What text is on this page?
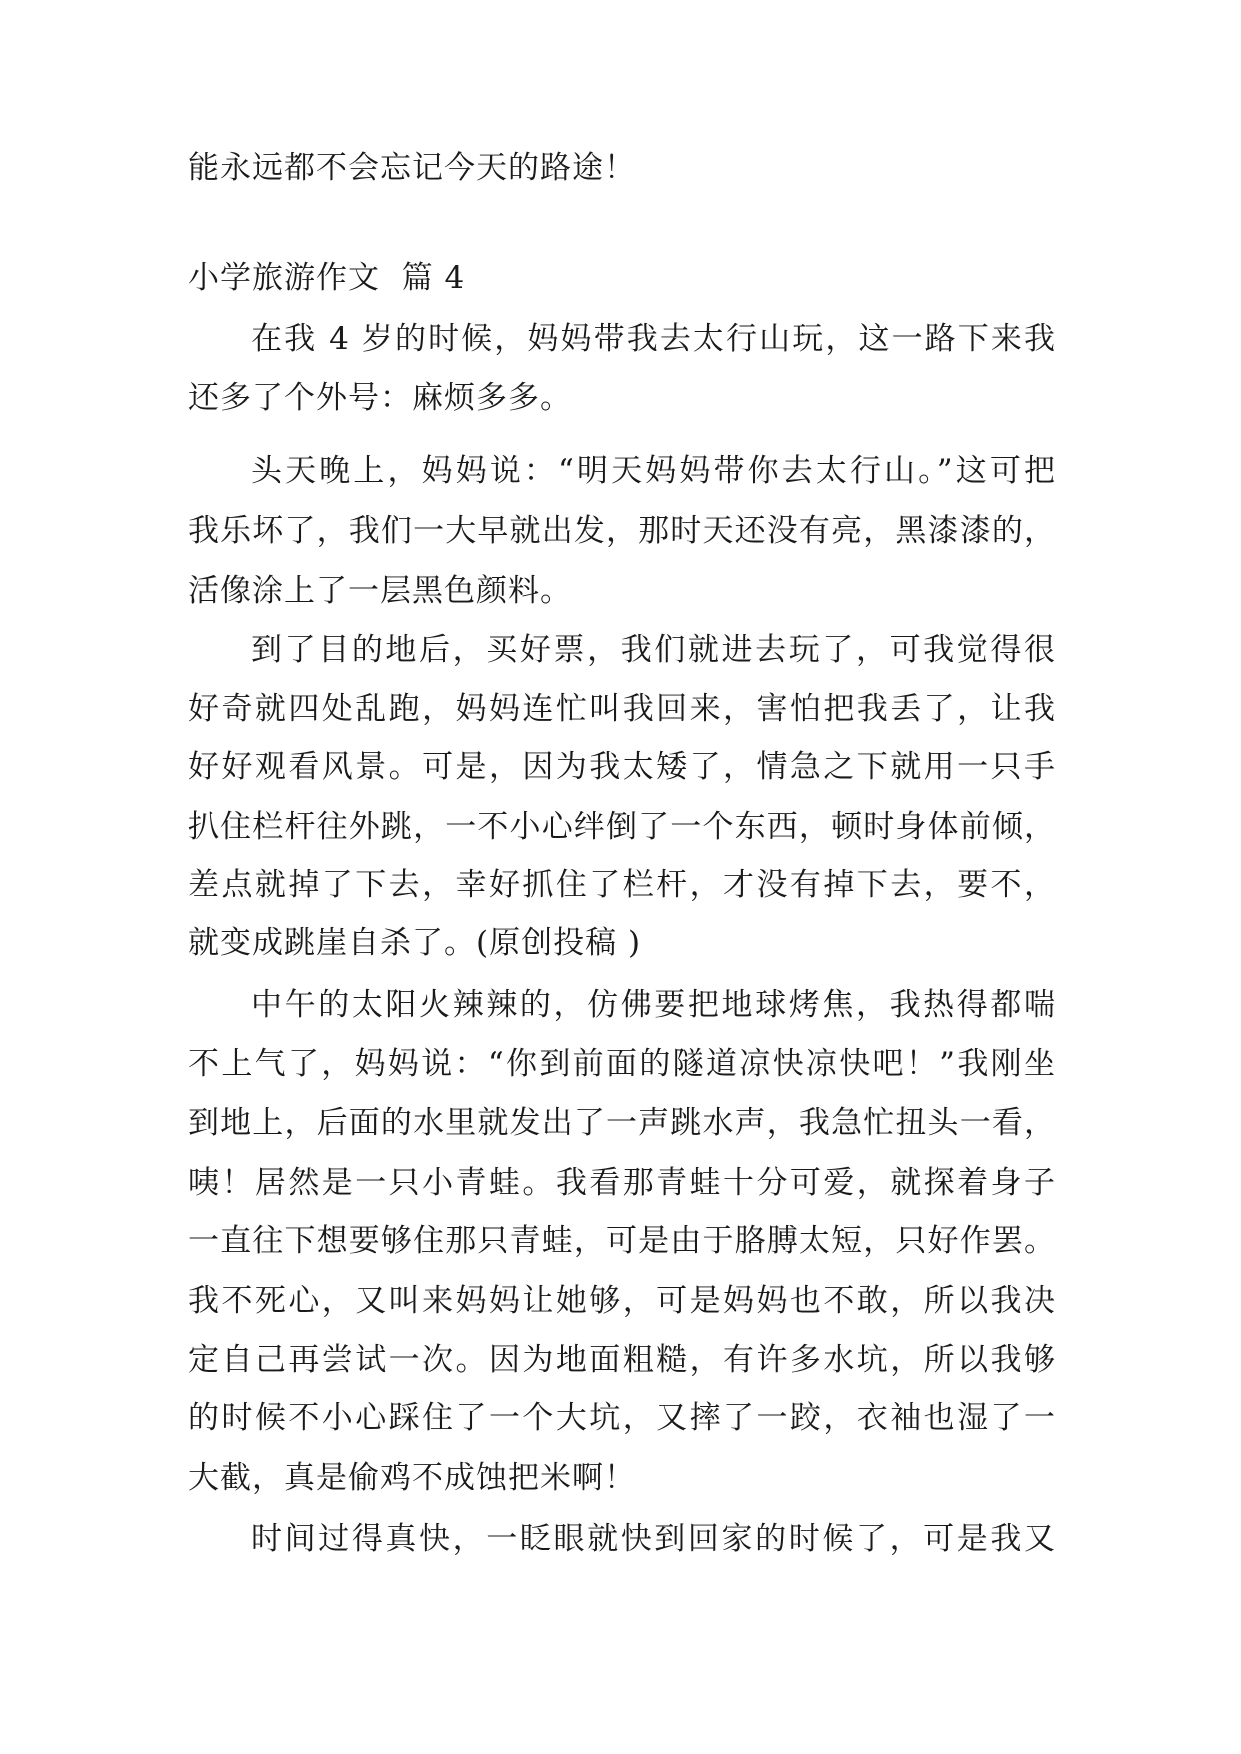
能永远都不会忘记今天的路途！

小学旅游作文  篇 4

在我 4 岁的时候，妈妈带我去太行山玩，这一路下来我

还多了个外号：麻烦多多。

头天晚上，妈妈说：“明天妈妈带你去太行山。”这可把

我乐坏了，我们一大早就出发，那时天还没有亮，黑漆漆的，

活像涂上了一层黑色颜料。

到了目的地后，买好票，我们就进去玩了，可我觉得很

好奇就四处乱跑，妈妈连忙叫我回来，害怕把我丢了，让我

好好观看风景。可是，因为我太矮了，情急之下就用一只手

扒住栏杆往外跳，一不小心绊倒了一个东西，顿时身体前倾，

差点就掉了下去，幸好抓住了栏杆，才没有掉下去，要不，

就变成跳崖自杀了。(原创投稿 )

中午的太阳火辣辣的，仿佛要把地球烤焦，我热得都喘

不上气了，妈妈说：“你到前面的隧道凉快凉快吧！”我刚坐

到地上，后面的水里就发出了一声跳水声，我急忙扭头一看，

咦！居然是一只小青蛙。我看那青蛙十分可爱，就探着身子

一直往下想要够住那只青蛙，可是由于胳膊太短，只好作罢。

我不死心，又叫来妈妈让她够，可是妈妈也不敢，所以我决

定自己再尝试一次。因为地面粗糙，有许多水坑，所以我够

的时候不小心踩住了一个大坑，又摔了一跤，衣袖也湿了一

大截，真是偷鸡不成蚀把米啊！

时间过得真快，一眨眼就快到回家的时候了，可是我又
